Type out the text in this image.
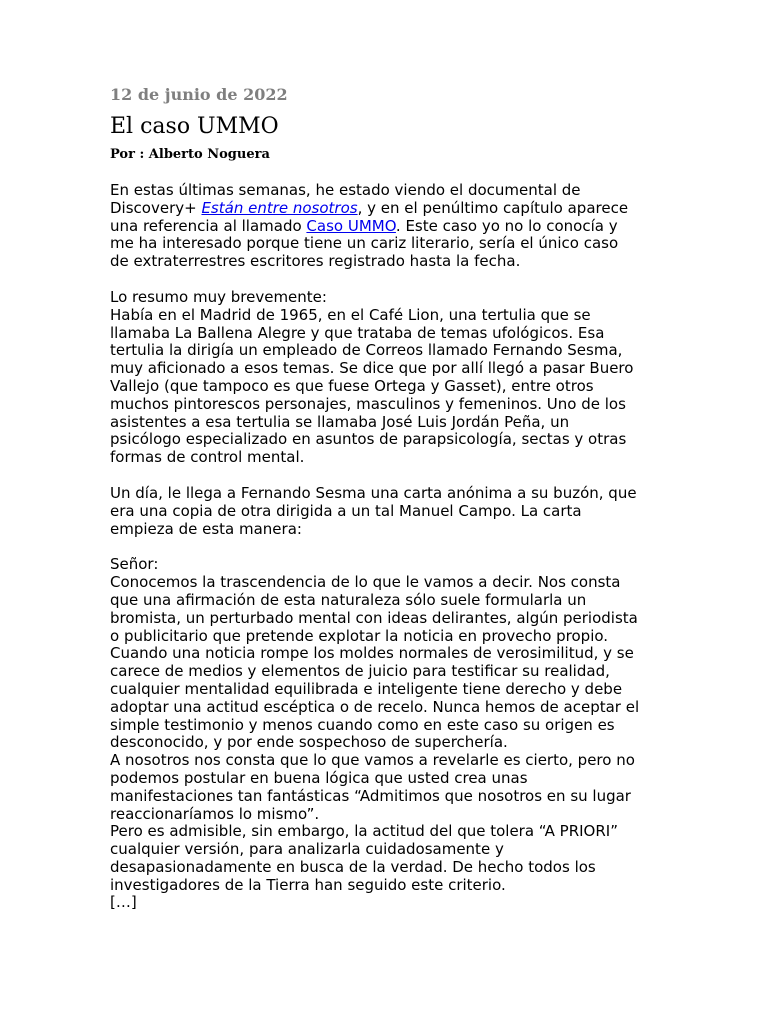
12 de junio de 2022

El caso UMMO

Por : Alberto Noguera

En estas últimas semanas, he estado viendo el documental de
Discovery+ Están entre nosotros, y en el penúltimo capítulo aparece
una referencia al llamado Caso UMMO. Este caso yo no lo conocía y
me ha interesado porque tiene un cariz literario, sería el único caso
de extraterrestres escritores registrado hasta la fecha.
Lo resumo muy brevemente:
Había en el Madrid de 1965, en el Café Lion, una tertulia que se
llamaba La Ballena Alegre y que trataba de temas ufológicos. Esa
tertulia la dirigía un empleado de Correos llamado Fernando Sesma,
muy aficionado a esos temas. Se dice que por allí llegó a pasar Buero
Vallejo (que tampoco es que fuese Ortega y Gasset), entre otros
muchos pintorescos personajes, masculinos y femeninos. Uno de los
asistentes a esa tertulia se llamaba José Luis Jordán Peña, un
psicólogo especializado en asuntos de parapsicología, sectas y otras
formas de control mental.
Un día, le llega a Fernando Sesma una carta anónima a su buzón, que
era una copia de otra dirigida a un tal Manuel Campo. La carta
empieza de esta manera:
Señor:
Conocemos la trascendencia de lo que le vamos a decir. Nos consta
que una afirmación de esta naturaleza sólo suele formularla un
bromista, un perturbado mental con ideas delirantes, algún periodista
o publicitario que pretende explotar la noticia en provecho propio.
Cuando una noticia rompe los moldes normales de verosimilitud, y se
carece de medios y elementos de juicio para testificar su realidad,
cualquier mentalidad equilibrada e inteligente tiene derecho y debe
adoptar una actitud escéptica o de recelo. Nunca hemos de aceptar el
simple testimonio y menos cuando como en este caso su origen es
desconocido, y por ende sospechoso de superchería.
A nosotros nos consta que lo que vamos a revelarle es cierto, pero no
podemos postular en buena lógica que usted crea unas
manifestaciones tan fantásticas “Admitimos que nosotros en su lugar
reaccionaríamos lo mismo”.
Pero es admisible, sin embargo, la actitud del que tolera “A PRIORI”
cualquier versión, para analizarla cuidadosamente y
desapasionadamente en busca de la verdad. De hecho todos los
investigadores de la Tierra han seguido este criterio.
[…]
